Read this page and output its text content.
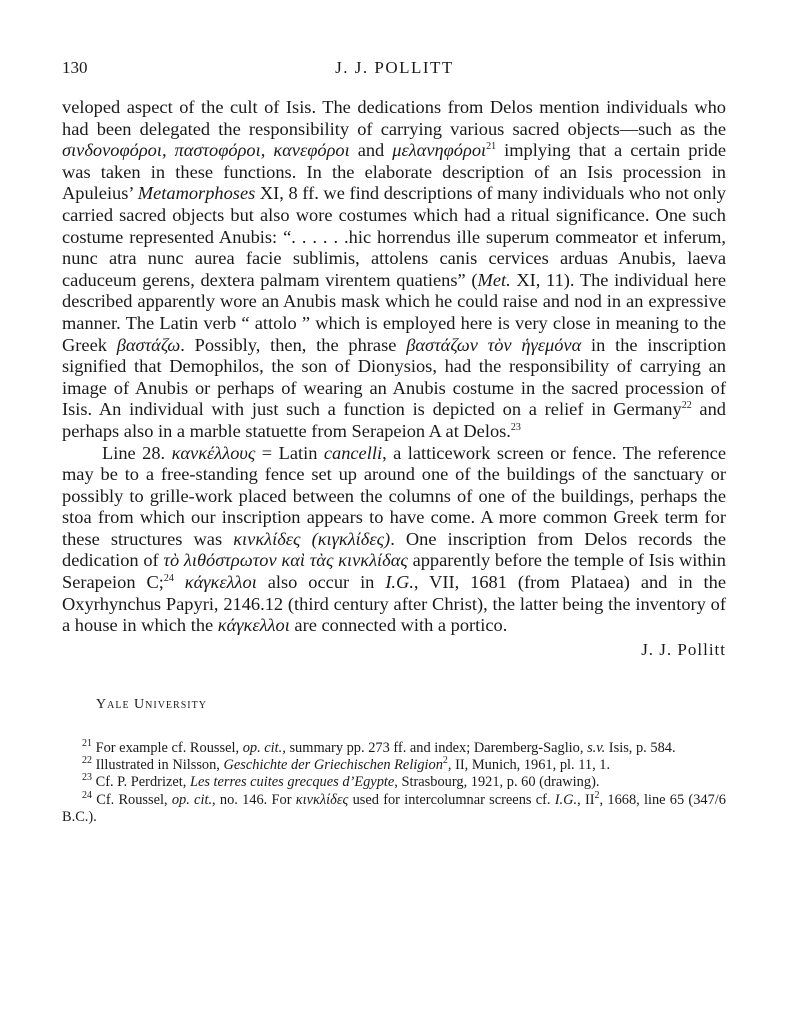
130	J. J. POLLITT

veloped aspect of the cult of Isis. The dedications from Delos mention individuals who had been delegated the responsibility of carrying various sacred objects—such as the σινδονοφόροι, παστοφόροι, κανεφόροι and μελανηφόροι$^{21}$ implying that a certain pride was taken in these functions. In the elaborate description of an Isis procession in Apuleius’ Metamorphoses XI, 8 ff. we find descriptions of many individuals who not only carried sacred objects but also wore costumes which had a ritual significance. One such costume represented Anubis: “. . . . . .hic horrendus ille superum commeator et inferum, nunc atra nunc aurea facie sublimis, attolens canis cervices arduas Anubis, laeva caduceum gerens, dextera palmam virentem quatiens” (Met. XI, 11). The individual here described apparently wore an Anubis mask which he could raise and nod in an expressive manner. The Latin verb “ attolo ” which is employed here is very close in meaning to the Greek βαστάζω. Possibly, then, the phrase βαστάζων τὸν ἡγεμόνα in the inscription signified that Demophilos, the son of Dionysios, had the responsibility of carrying an image of Anubis or perhaps of wearing an Anubis costume in the sacred procession of Isis. An individual with just such a function is depicted on a relief in Germany$^{22}$ and perhaps also in a marble statuette from Serapeion A at Delos.$^{23}$

Line 28. κανκέλλους = Latin cancelli, a latticework screen or fence. The reference may be to a free-standing fence set up around one of the buildings of the sanctuary or possibly to grille-work placed between the columns of one of the buildings, perhaps the stoa from which our inscription appears to have come. A more common Greek term for these structures was κινκλίδες (κιγκλίδες). One inscription from Delos records the dedication of τὸ λιθόστρωτον καὶ τὰς κινκλίδας apparently before the temple of Isis within Serapeion C;$^{24}$ κάγκελλοι also occur in I.G., VII, 1681 (from Plataea) and in the Oxyrhynchus Papyri, 2146.12 (third century after Christ), the latter being the inventory of a house in which the κάγκελλοι are connected with a portico.

J. J. Pollitt
Yale University

$^{21}$ For example cf. Roussel, op. cit., summary pp. 273 ff. and index; Daremberg-Saglio, s.v. Isis, p. 584.

$^{22}$ Illustrated in Nilsson, Geschichte der Griechischen Religion$^2$, II, Munich, 1961, pl. 11, 1.

$^{23}$ Cf. P. Perdrizet, Les terres cuites grecques d’Egypte, Strasbourg, 1921, p. 60 (drawing).

$^{24}$ Cf. Roussel, op. cit., no. 146. For κινκλίδες used for intercolumnar screens cf. I.G., $II^2$, 1668, line 65 (347/6 B.C.).
